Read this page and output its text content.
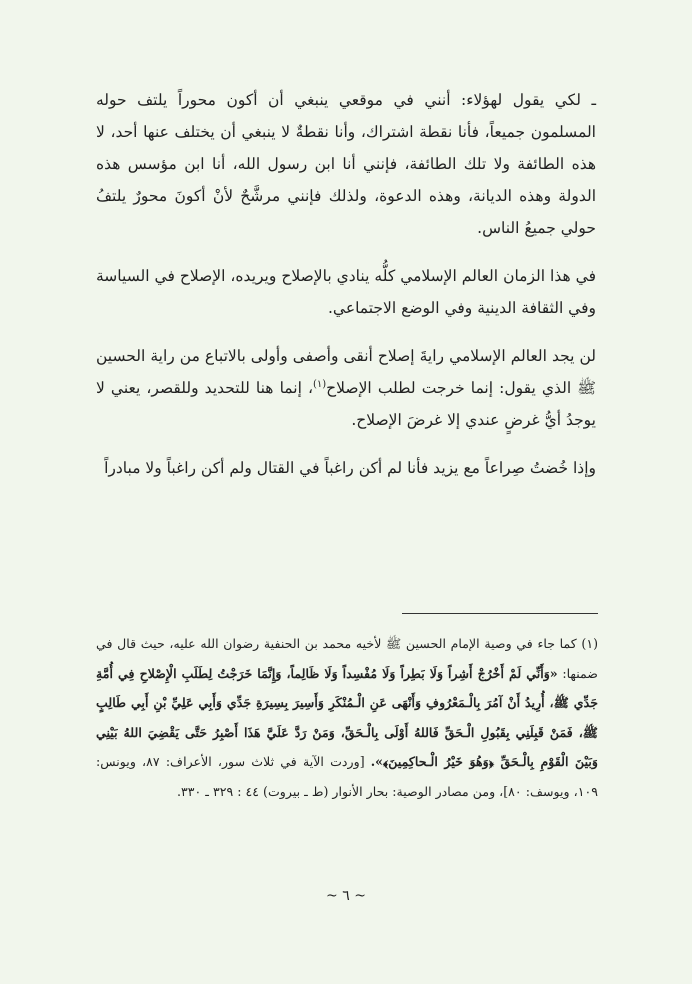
ـ لكي يقول لهؤلاء: أنني في موقعي ينبغي أن أكون محوراً يلتف حوله المسلمون جميعاً، فأنا نقطة اشتراك، وأنا نقطةٌ لا ينبغي أن يختلف عنها أحد، لا هذه الطائفة ولا تلك الطائفة، فإنني أنا ابن رسول الله، أنا ابن مؤسس هذه الدولة وهذه الديانة، وهذه الدعوة، ولذلك فإنني مرشَّحٌ لأنْ أكونَ محورٌ يلتفُ حولي جميعُ الناس.

في هذا الزمان العالم الإسلامي كلُّه ينادي بالإصلاح ويريده، الإصلاح في السياسة وفي الثقافة الدينية وفي الوضع الاجتماعي.

لن يجد العالم الإسلامي رايةَ إصلاح أنقى وأصفى وأولى بالاتباع من راية الحسين ﷺ الذي يقول: إنما خرجت لطلب الإصلاح$^{(١)}$، إنما هنا للتحديد وللقصر، يعني لا يوجدُ أيُّ غرضٍ عندي إلا غرضَ الإصلاح.

وإذا خُضتُ صِراعاً مع يزيد فأنا لم أكن راغباً في القتال ولم أكن راغباً ولا مبادراً

(١) كما جاء في وصية الإمام الحسين ﷺ لأخيه محمد بن الحنفية رضوان الله عليه، حيث قال في ضمنها: «وَأَنِّي لَمْ أَخْرُجْ أَشِراً وَلَا بَطِراً وَلَا مُفْسِداً وَلَا ظَالِماً، وَإِنَّمَا خَرَجْتُ لِطَلَبِ الْإِصْلاحِ فِي أُمَّةِ جَدِّي ﷺ، أُرِيدُ أَنْ آمُرَ بِالْـمَعْرُوفِ وَأَنْهَى عَنِ الْـمُنْكَرِ وَأَسِيرَ بِسِيرَةِ جَدِّي وَأَبِي عَلِيِّ بْنِ أَبِي طَالِبٍ ﷺ، فَمَنْ قَبِلَنِي بِقَبُولِ الْـحَقِّ فَاللهُ أَوْلَى بِالْـحَقِّ، وَمَنْ رَدَّ عَلَيَّ هَذَا أَصْبِرُ حَتَّى يَقْضِيَ اللهُ بَيْنِي وَبَيْنَ الْقَوْمِ بِالْـحَقِّ ﴿وَهُوَ خَيْرُ الْـحاكِمِينَ﴾». [وردت الآية في ثلاث سور، الأعراف: ٨٧، ويونس: ١٠٩، ويوسف: ٨٠]، ومن مصادر الوصية: بحار الأنوار (ط ـ بيروت) ٤٤ : ٣٢٩ ـ ٣٣٠.

~ ٦ ~
